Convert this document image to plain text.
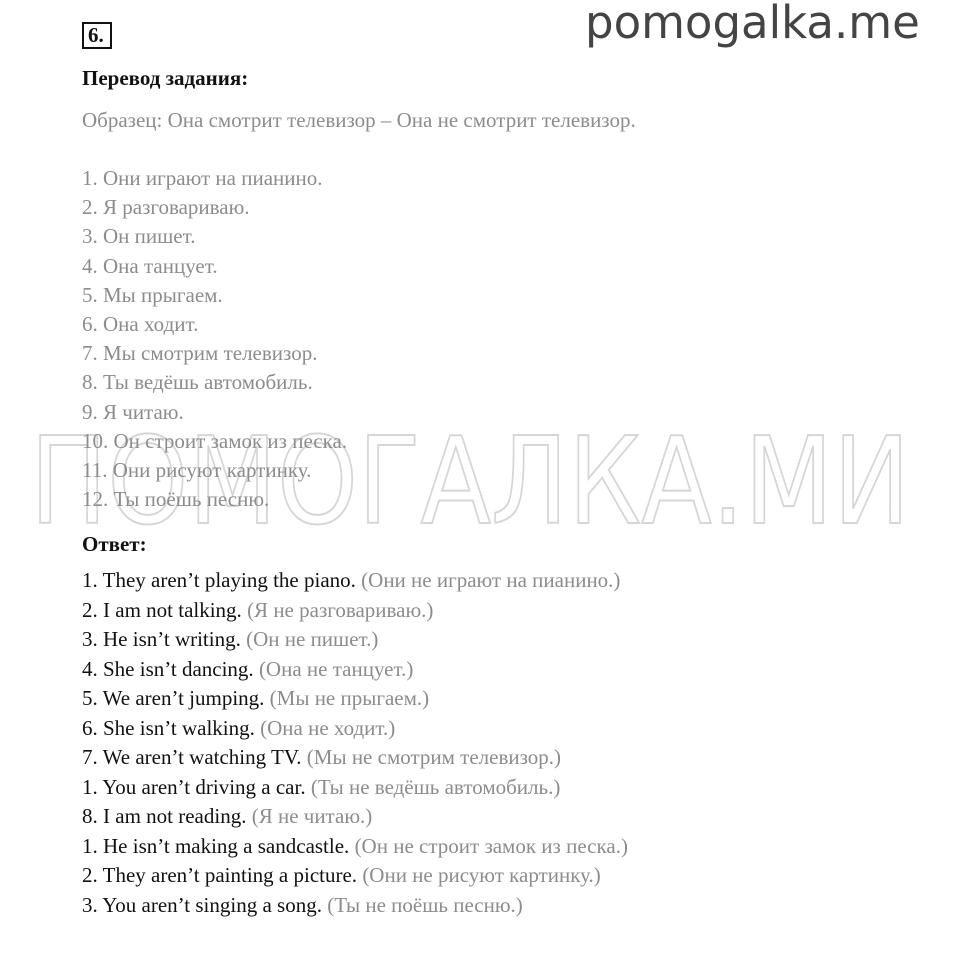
pomogalka.me
6.
ПОМОГАЛКА.МИ
Перевод задания:
Образец: Она смотрит телевизор – Она не смотрит телевизор.
1. Они играют на пианино.
2. Я разговариваю.
3. Он пишет.
4. Она танцует.
5. Мы прыгаем.
6. Она ходит.
7. Мы смотрим телевизор.
8. Ты ведёшь автомобиль.
9. Я читаю.
10. Он строит замок из песка.
11. Они рисуют картинку.
12. Ты поёшь песню.
Ответ:
1. They aren’t playing the piano. (Они не играют на пианино.)
2. I am not talking. (Я не разговариваю.)
3. He isn’t writing. (Он не пишет.)
4. She isn’t dancing. (Она не танцует.)
5. We aren’t jumping. (Мы не прыгаем.)
6. She isn’t walking. (Она не ходит.)
7. We aren’t watching TV. (Мы не смотрим телевизор.)
1. You aren’t driving a car. (Ты не ведёшь автомобиль.)
8. I am not reading. (Я не читаю.)
1. He isn’t making a sandcastle. (Он не строит замок из песка.)
2. They aren’t painting a picture. (Они не рисуют картинку.)
3. You aren’t singing a song. (Ты не поёшь песню.)
